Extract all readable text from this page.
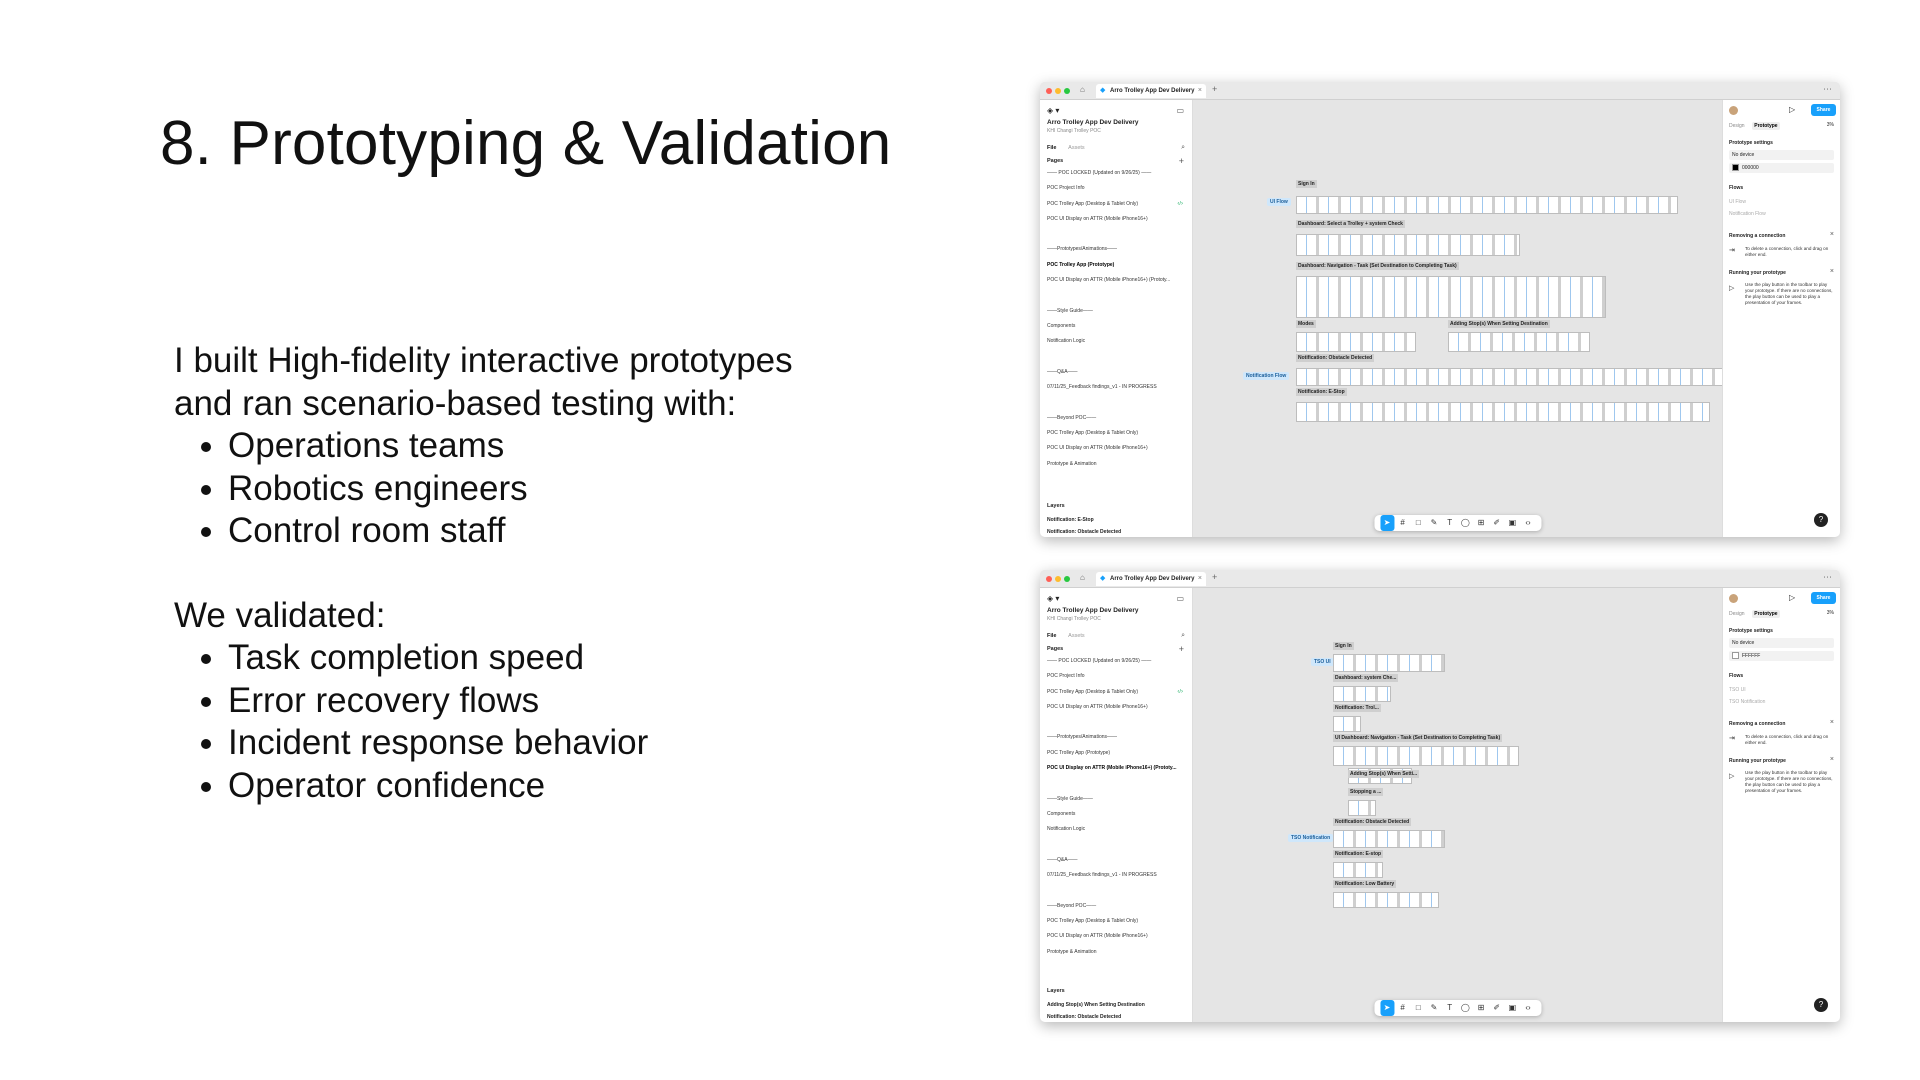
8. Prototyping & Validation

I built High-fidelity interactive prototypes and ran scenario-based testing with:

• Operations teams
• Robotics engineers
• Control room staff

We validated:

• Task completion speed
• Error recovery flows
• Incident response behavior
• Operator confidence
⌂ ◆ Arro Trolley App Dev Delivery × +	⋯
◈ ▾	▭
Arro Trolley App Dev Delivery
KHI Changi Trolley POC
File Assets	⌕
Pages	+
—— POC LOCKED (Updated on 9/26/25) ——
POC Project Info
POC Trolley App (Desktop & Tablet Only)	‹/›
POC UI Display on ATTR (Mobile iPhone16+)
——Prototypes/Animations——
POC Trolley App (Prototype)
POC UI Display on ATTR (Mobile iPhone16+) (Prototy...
——Style Guide——
Components
Notification Logic
——Q&A——
07/11/25_Feedback findings_v1 - IN PROGRESS
——Beyond POC——
POC Trolley App (Desktop & Tablet Only)
POC UI Display on ATTR (Mobile iPhone16+)
Prototype & Animation
Layers
Notification: E-Stop
Notification: Obstacle Detected
Sign In
UI Flow
Dashboard: Select a Trolley + system Check
Dashboard: Navigation - Task (Set Destination to Completing Task)
Modes	Adding Stop(s) When Setting Destination
Notification: Obstacle Detected
Notification Flow
Notification: E-Stop
➤ # □ ✎ T ◯ ⊞ ✐ ▣ ‹›
▷	Share
Design Prototype	3%
Prototype settings
No device
000000
Flows
UI Flow
Notification Flow
Removing a connection	×
⇥ To delete a connection, click and drag on either end.
Running your prototype	×
▷
Use the play button in the toolbar to play your prototype. If there are no connections, the play button can be used to play a presentation of your frames.
?
⌂ ◆ Arro Trolley App Dev Delivery × +	⋯
◈ ▾	▭
Arro Trolley App Dev Delivery
KHI Changi Trolley POC
File Assets	⌕
Pages	+
—— POC LOCKED (Updated on 9/26/25) ——
POC Project Info
POC Trolley App (Desktop & Tablet Only)	‹/›
POC UI Display on ATTR (Mobile iPhone16+)
——Prototypes/Animations——
POC Trolley App (Prototype)
POC UI Display on ATTR (Mobile iPhone16+) (Prototy...
——Style Guide——
Components
Notification Logic
——Q&A——
07/11/25_Feedback findings_v1 - IN PROGRESS
——Beyond POC——
POC Trolley App (Desktop & Tablet Only)
POC UI Display on ATTR (Mobile iPhone16+)
Prototype & Animation
Layers
Adding Stop(s) When Setting Destination
Notification: Obstacle Detected
Sign In
TSO UI
Dashboard: system Che...
Notification: Trol...
UI Dashboard: Navigation - Task (Set Destination to Completing Task)
Adding Stop(s) When Setti...
Stopping a ...
Notification: Obstacle Detected
TSO Notification
Notification: E-stop
Notification: Low Battery
➤ # □ ✎ T ◯ ⊞ ✐ ▣ ‹›
▷	Share
Design Prototype	3%
Prototype settings
No device
FFFFFF
Flows
TSO UI
TSO Notification
Removing a connection	×
⇥ To delete a connection, click and drag on either end.
Running your prototype	×
▷
Use the play button in the toolbar to play your prototype. If there are no connections, the play button can be used to play a presentation of your frames.
?
